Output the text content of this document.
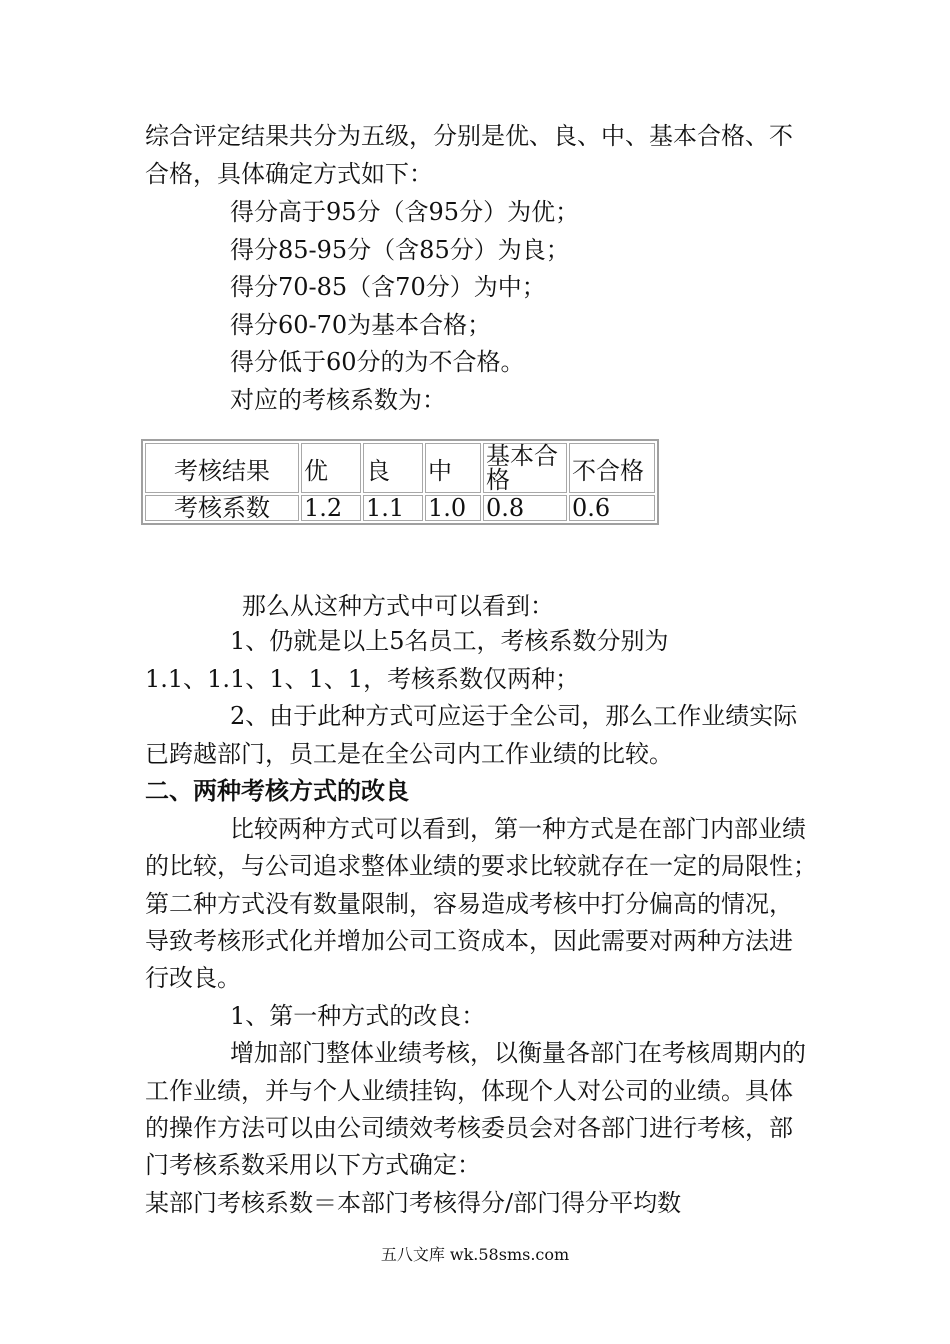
综合评定结果共分为五级，分别是优、良、中、基本合格、不

合格，具体确定方式如下：

得分高于95分（含95分）为优；

得分85-95分（含85分）为良；

得分70-85（含70分）为中；

得分60-70为基本合格；

得分低于60分的为不合格。

对应的考核系数为：

考核结果	优	良	中	基本合格	不合格
考核系数	1.2	1.1	1.0	0.8	0.6

那么从这种方式中可以看到：

1、仍就是以上5名员工，考核系数分别为

1.1、1.1、1、1、1，考核系数仅两种；

2、由于此种方式可应运于全公司，那么工作业绩实际

已跨越部门，员工是在全公司内工作业绩的比较。

二、两种考核方式的改良

比较两种方式可以看到，第一种方式是在部门内部业绩

的比较，与公司追求整体业绩的要求比较就存在一定的局限性；

第二种方式没有数量限制，容易造成考核中打分偏高的情况，

导致考核形式化并增加公司工资成本，因此需要对两种方法进

行改良。

1、第一种方式的改良：

增加部门整体业绩考核，以衡量各部门在考核周期内的

工作业绩，并与个人业绩挂钩，体现个人对公司的业绩。具体

的操作方法可以由公司绩效考核委员会对各部门进行考核，部

门考核系数采用以下方式确定：

某部门考核系数＝本部门考核得分/部门得分平均数

五八文库 wk.58sms.com
